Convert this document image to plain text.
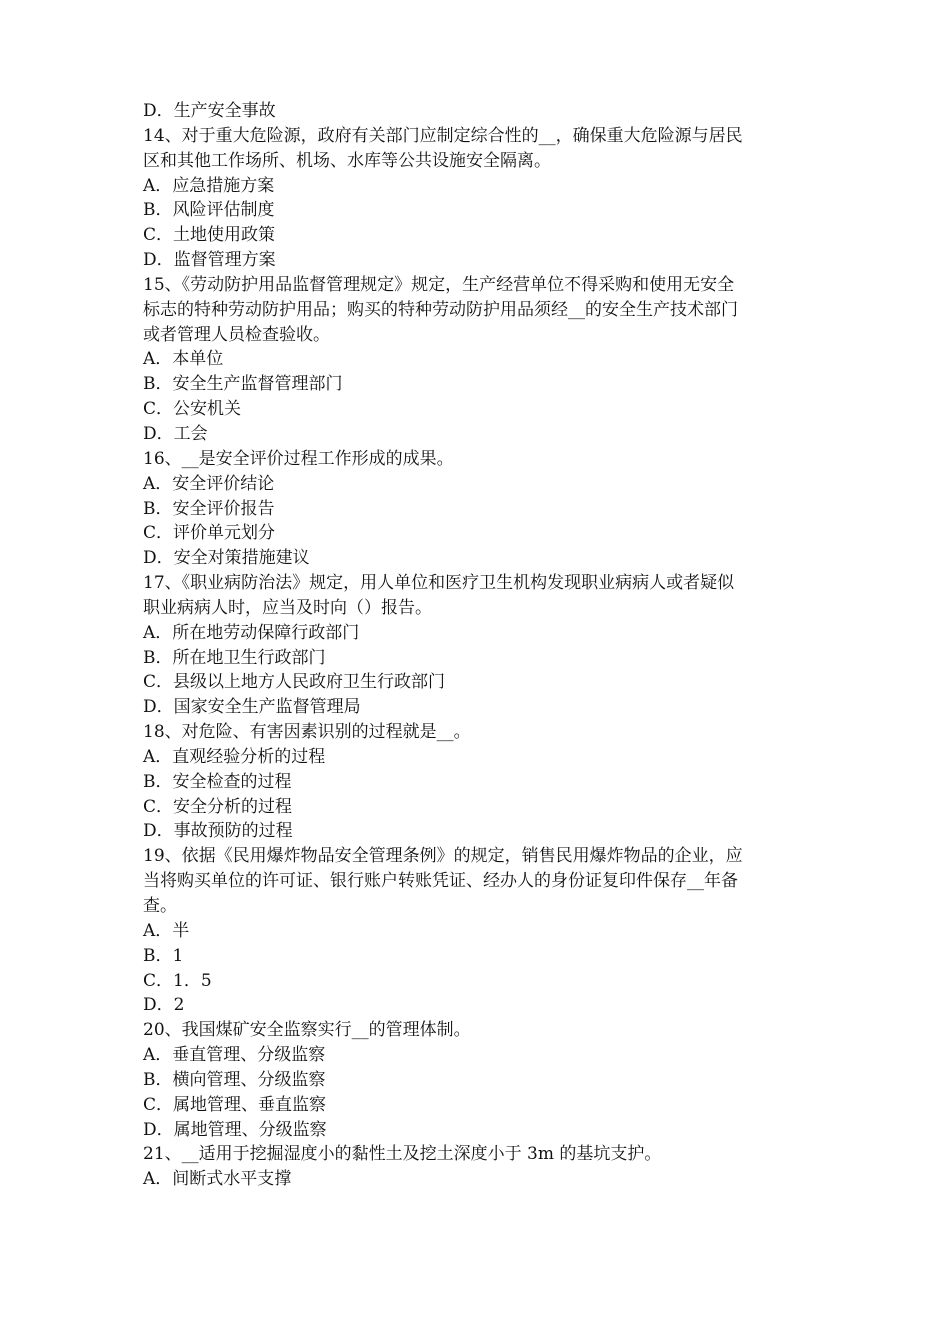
D．生产安全事故
14、对于重大危险源，政府有关部门应制定综合性的__，确保重大危险源与居民
区和其他工作场所、机场、水库等公共设施安全隔离。
A．应急措施方案
B．风险评估制度
C．土地使用政策
D．监督管理方案
15、《劳动防护用品监督管理规定》规定，生产经营单位不得采购和使用无安全
标志的特种劳动防护用品；购买的特种劳动防护用品须经__的安全生产技术部门
或者管理人员检查验收。
A．本单位
B．安全生产监督管理部门
C．公安机关
D．工会
16、__是安全评价过程工作形成的成果。
A．安全评价结论
B．安全评价报告
C．评价单元划分
D．安全对策措施建议
17、《职业病防治法》规定，用人单位和医疗卫生机构发现职业病病人或者疑似
职业病病人时，应当及时向（）报告。
A．所在地劳动保障行政部门
B．所在地卫生行政部门
C．县级以上地方人民政府卫生行政部门
D．国家安全生产监督管理局
18、对危险、有害因素识别的过程就是__。
A．直观经验分析的过程
B．安全检查的过程
C．安全分析的过程
D．事故预防的过程
19、依据《民用爆炸物品安全管理条例》的规定，销售民用爆炸物品的企业，应
当将购买单位的许可证、银行账户转账凭证、经办人的身份证复印件保存__年备
查。
A．半
B．1
C．1．5
D．2
20、我国煤矿安全监察实行__的管理体制。
A．垂直管理、分级监察
B．横向管理、分级监察
C．属地管理、垂直监察
D．属地管理、分级监察
21、__适用于挖掘湿度小的黏性土及挖土深度小于 3m 的基坑支护。
A．间断式水平支撑
